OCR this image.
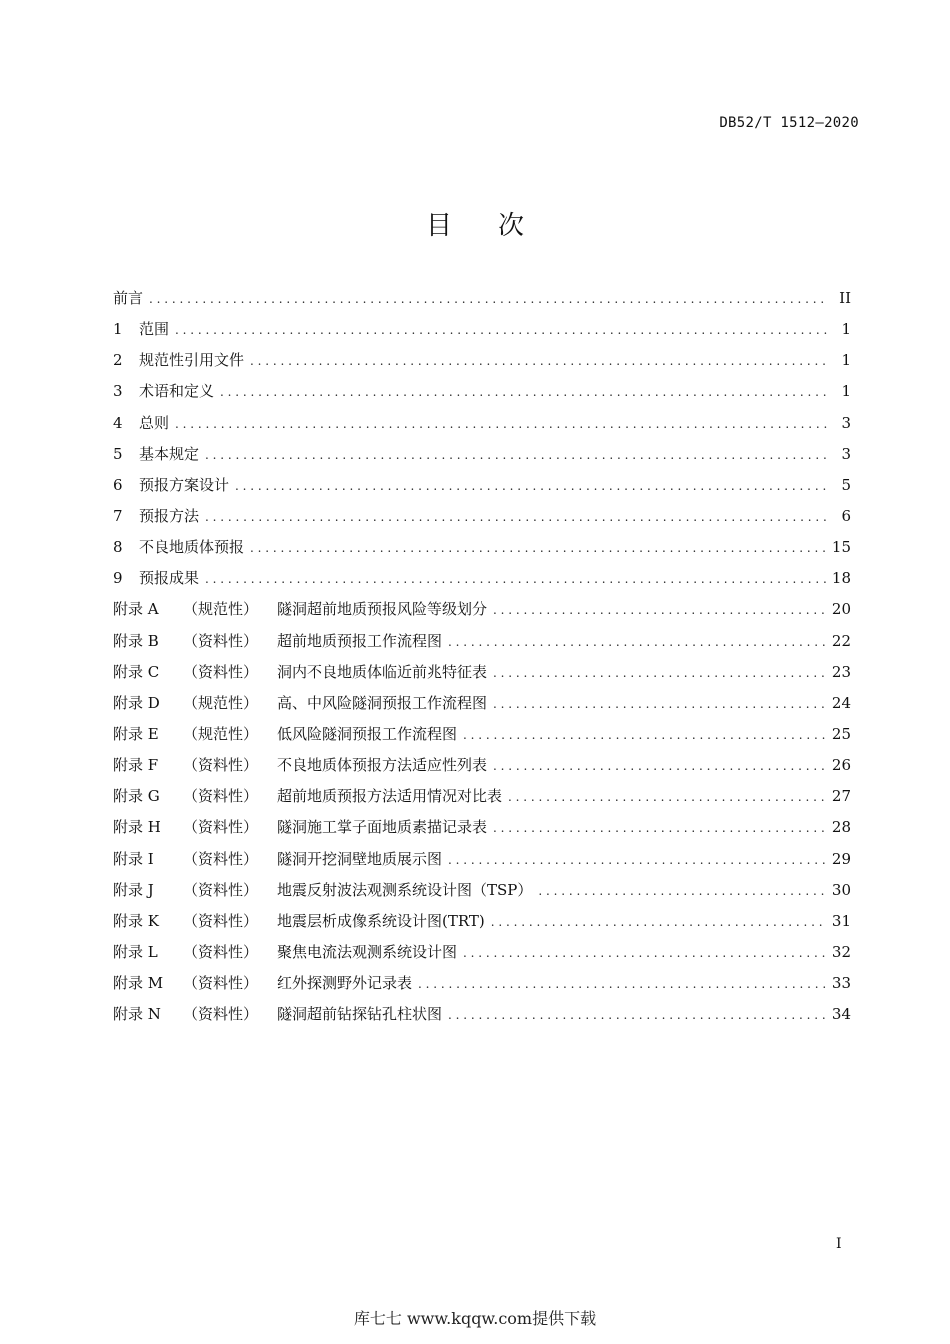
DB52/T 1512—2020
目次
前言 . . .	II
1	范围 . . .	1
2	规范性引用文件 . . .	1
3	术语和定义 . . .	1
4	总则 . . .	3
5	基本规定 . . .	3
6	预报方案设计 . . .	5
7	预报方法 . . .	6
8	不良地质体预报 . . .	15
9	预报成果 . . .	18
附录 A	（规范性）	隧洞超前地质预报风险等级划分 . . .	20
附录 B	（资料性）	超前地质预报工作流程图 . . .	22
附录 C	（资料性）	洞内不良地质体临近前兆特征表 . . .	23
附录 D	（规范性）	高、中风险隧洞预报工作流程图 . . .	24
附录 E	（规范性）	低风险隧洞预报工作流程图 . . .	25
附录 F	（资料性）	不良地质体预报方法适应性列表 . . .	26
附录 G	（资料性）	超前地质预报方法适用情况对比表 . . .	27
附录 H	（资料性）	隧洞施工掌子面地质素描记录表 . . .	28
附录 I	（资料性）	隧洞开挖洞壁地质展示图 . . .	29
附录 J	（资料性）	地震反射波法观测系统设计图（TSP） . . .	30
附录 K	（资料性）	地震层析成像系统设计图(TRT) . . .	31
附录 L	（资料性）	聚焦电流法观测系统设计图 . . .	32
附录 M	（资料性）	红外探测野外记录表 . . .	33
附录 N	（资料性）	隧洞超前钻探钻孔柱状图 . . .	34
I
库七七 www.kqqw.com提供下载
